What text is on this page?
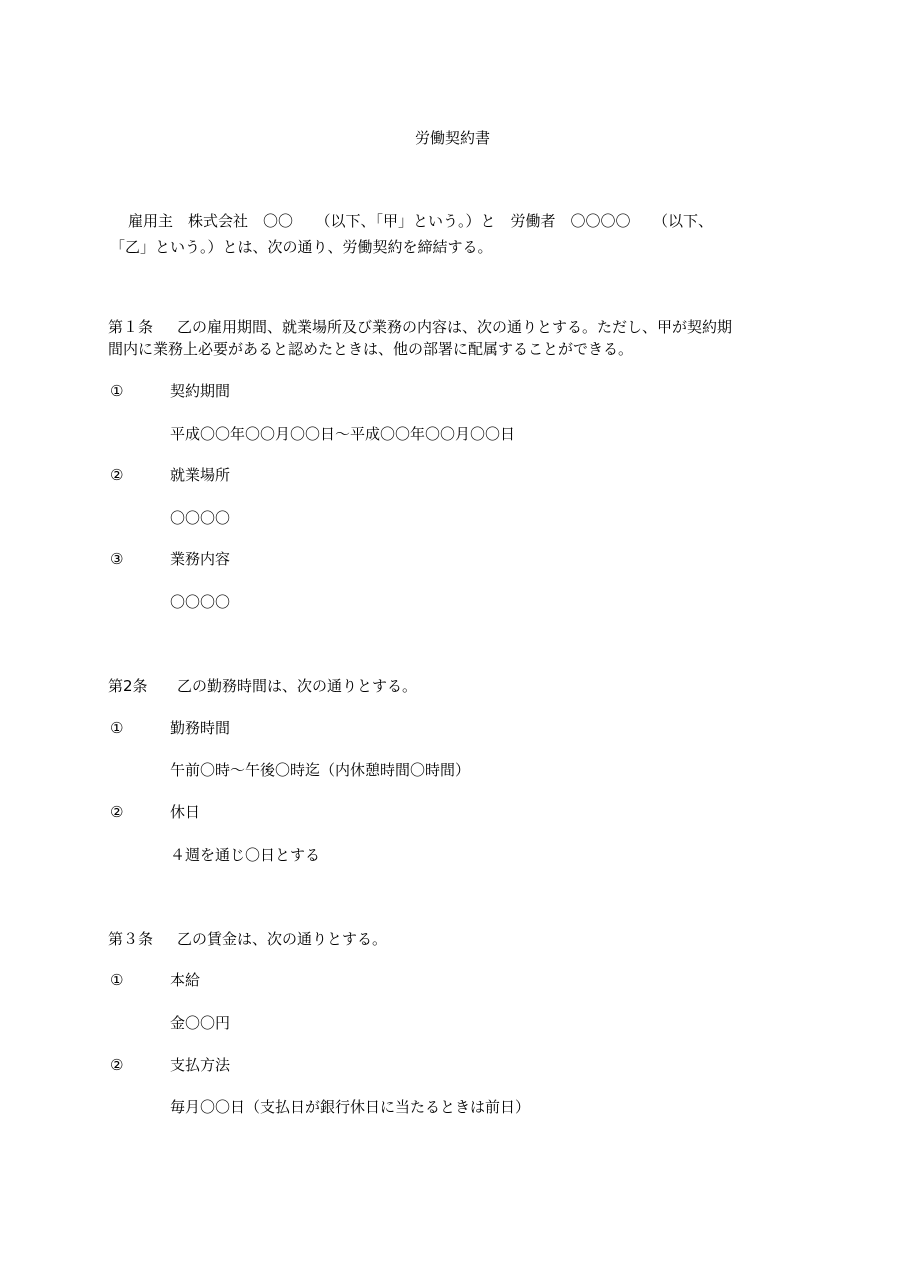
労働契約書
雇用主　株式会社　〇〇　　（以下、「甲」という。）と　労働者　〇〇〇〇　　（以下、
「乙」という。）とは、次の通り、労働契約を締結する。
第１条 乙の雇用期間、就業場所及び業務の内容は、次の通りとする。ただし、甲が契約期
間内に業務上必要があると認めたときは、他の部署に配属することができる。
①	契約期間
平成〇〇年〇〇月〇〇日～平成〇〇年〇〇月〇〇日
②	就業場所
〇〇〇〇
③	業務内容
〇〇〇〇
第2条 乙の勤務時間は、次の通りとする。
①	勤務時間
午前〇時～午後〇時迄（内休憩時間〇時間）
②	休日
４週を通じ〇日とする
第３条 乙の賃金は、次の通りとする。
①	本給
金〇〇円
②	支払方法
毎月〇〇日（支払日が銀行休日に当たるときは前日）
